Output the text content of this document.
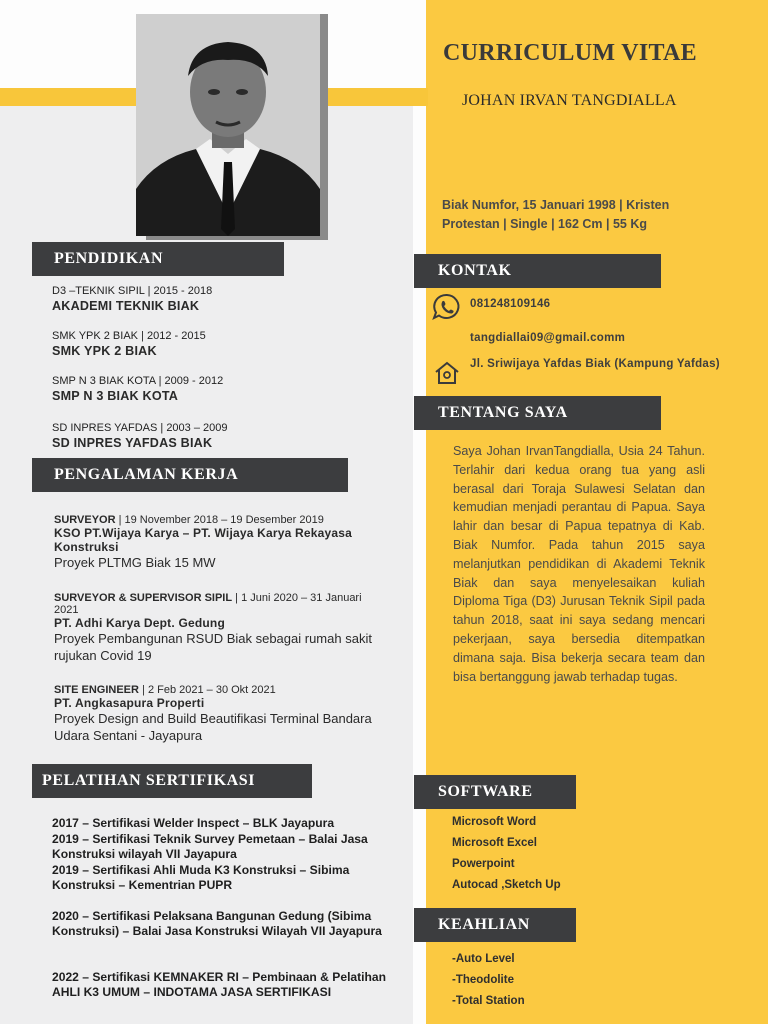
CURRICULUM VITAE
JOHAN IRVAN TANGDIALLA
Biak Numfor, 15 Januari 1998 | Kristen Protestan | Single | 162 Cm | 55 Kg
PENDIDIKAN
PENGALAMAN KERJA
PELATIHAN SERTIFIKASI
KONTAK
TENTANG SAYA
SOFTWARE
KEAHLIAN
D3 –TEKNIK SIPIL | 2015 - 2018
AKADEMI TEKNIK BIAK
SMK YPK 2 BIAK | 2012 - 2015
SMK YPK 2 BIAK
SMP N 3 BIAK KOTA | 2009 - 2012
SMP N 3 BIAK KOTA
SD INPRES YAFDAS | 2003 – 2009
SD INPRES YAFDAS BIAK
SURVEYOR | 19 November 2018 – 19 Desember 2019
KSO PT.Wijaya Karya – PT. Wijaya Karya Rekayasa Konstruksi
Proyek PLTMG Biak 15 MW
SURVEYOR & SUPERVISOR SIPIL | 1 Juni 2020 – 31 Januari 2021
PT. Adhi Karya Dept. Gedung
Proyek Pembangunan RSUD Biak sebagai rumah sakit rujukan Covid 19
SITE ENGINEER | 2 Feb 2021 – 30 Okt 2021
PT. Angkasapura Properti
Proyek Design and Build Beautifikasi Terminal Bandara Udara Sentani - Jayapura
2017 – Sertifikasi Welder Inspect – BLK Jayapura
2019 – Sertifikasi Teknik Survey Pemetaan – Balai Jasa Konstruksi wilayah VII Jayapura
2019 – Sertifikasi Ahli Muda K3 Konstruksi – Sibima Konstruksi – Kementrian PUPR
2020 – Sertifikasi Pelaksana Bangunan Gedung (Sibima Konstruksi) – Balai Jasa Konstruksi Wilayah VII Jayapura
2022 – Sertifikasi KEMNAKER RI – Pembinaan & Pelatihan AHLI K3 UMUM – INDOTAMA JASA SERTIFIKASI
081248109146
tangdiallai09@gmail.comm
Jl. Sriwijaya Yafdas Biak (Kampung Yafdas)
Saya Johan IrvanTangdialla, Usia 24 Tahun. Terlahir dari kedua orang tua yang asli berasal dari Toraja Sulawesi Selatan dan kemudian menjadi perantau di Papua. Saya lahir dan besar di Papua tepatnya di Kab. Biak Numfor. Pada tahun 2015 saya melanjutkan pendidikan di Akademi Teknik Biak dan saya menyelesaikan kuliah Diploma Tiga (D3) Jurusan Teknik Sipil pada tahun 2018, saat ini saya sedang mencari pekerjaan, saya bersedia ditempatkan dimana saja. Bisa bekerja secara team dan bisa bertanggung jawab terhadap tugas.
Microsoft Word
Microsoft Excel
Powerpoint
Autocad ,Sketch Up
-Auto Level
-Theodolite
-Total Station
